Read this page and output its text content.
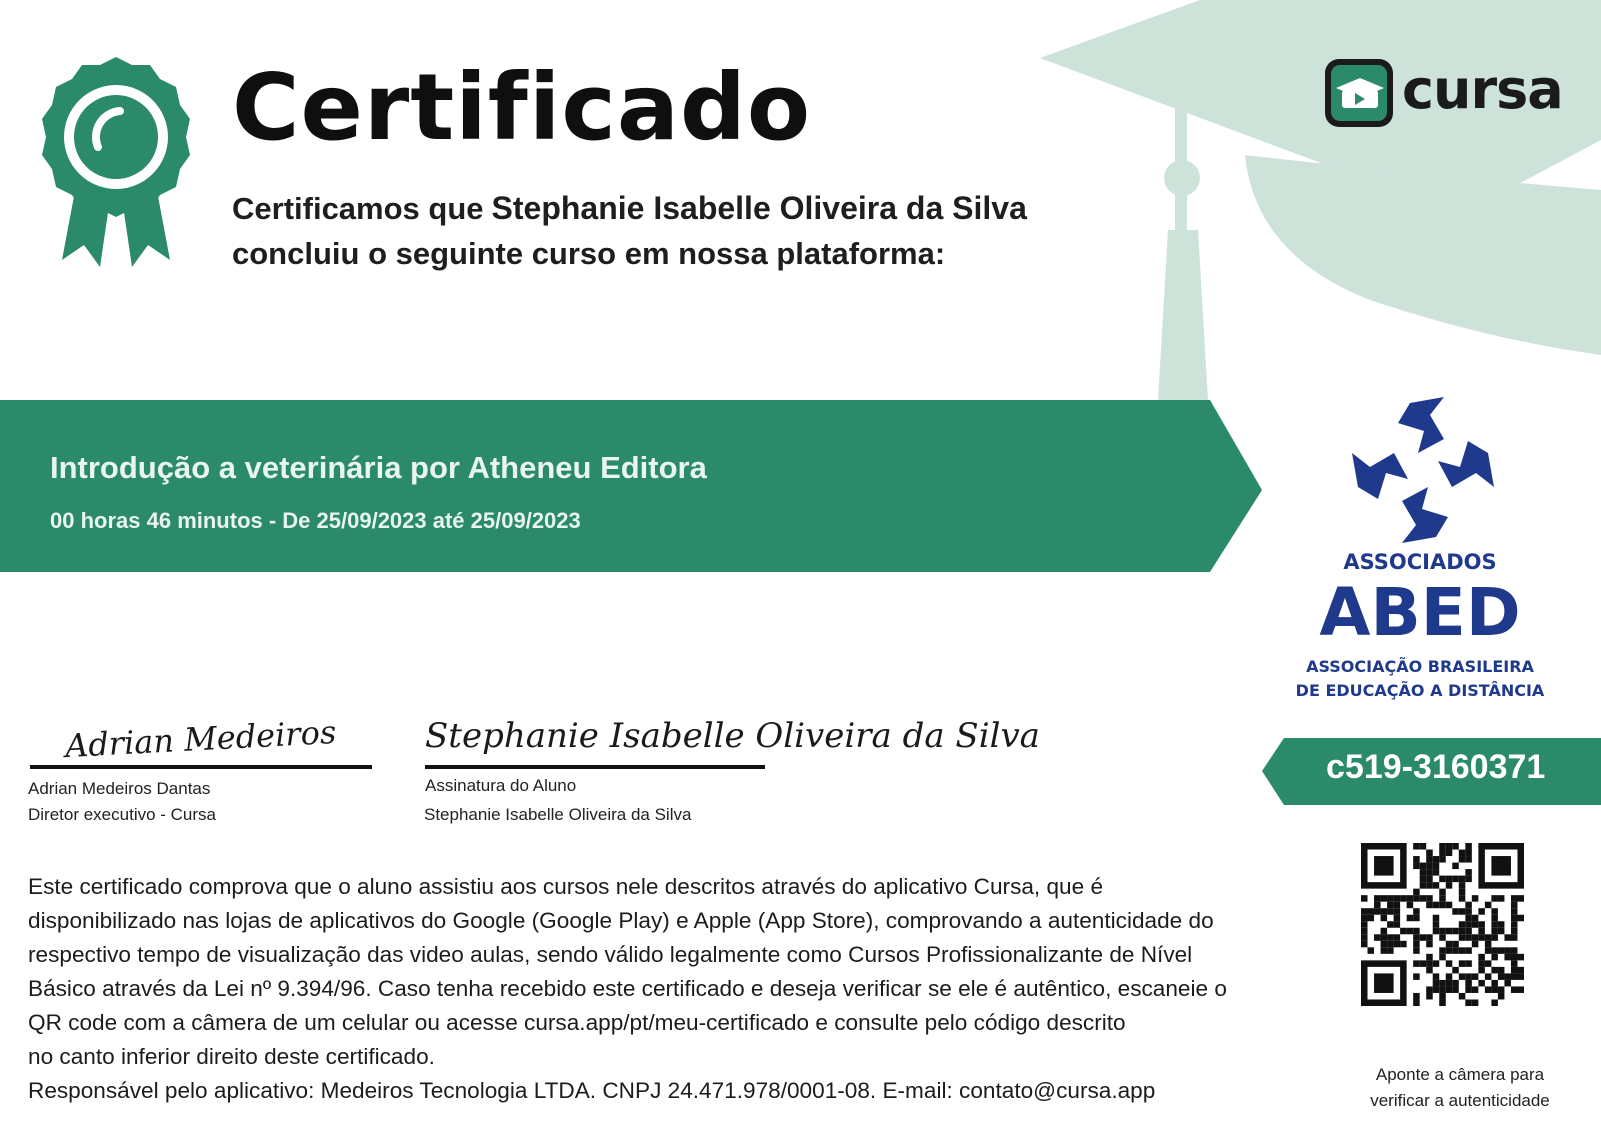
Certificado
Certificamos que Stephanie Isabelle Oliveira da Silva
concluiu o seguinte curso em nossa plataforma:
cursa
Introdução a veterinária por Atheneu Editora
00 horas 46 minutos - De 25/09/2023 até 25/09/2023
ASSOCIADOS
ABED
ASSOCIAÇÃO BRASILEIRA
DE EDUCAÇÃO A DISTÂNCIA
c519-3160371
Adrian Medeiros
Adrian Medeiros Dantas
Diretor executivo - Cursa
Stephanie Isabelle Oliveira da Silva
Assinatura do Aluno
Stephanie Isabelle Oliveira da Silva

Este certificado comprova que o aluno assistiu aos cursos nele descritos através do aplicativo Cursa, que é

disponibilizado nas lojas de aplicativos do Google (Google Play) e Apple (App Store), comprovando a autenticidade do

respectivo tempo de visualização das video aulas, sendo válido legalmente como Cursos Profissionalizante de Nível

Básico através da Lei nº 9.394/96. Caso tenha recebido este certificado e deseja verificar se ele é autêntico, escaneie o

QR code com a câmera de um celular ou acesse cursa.app/pt/meu-certificado e consulte pelo código descrito

no canto inferior direito deste certificado.

Responsável pelo aplicativo: Medeiros Tecnologia LTDA. CNPJ 24.471.978/0001-08. E-mail: contato@cursa.app

Aponte a câmera para
verificar a autenticidade
